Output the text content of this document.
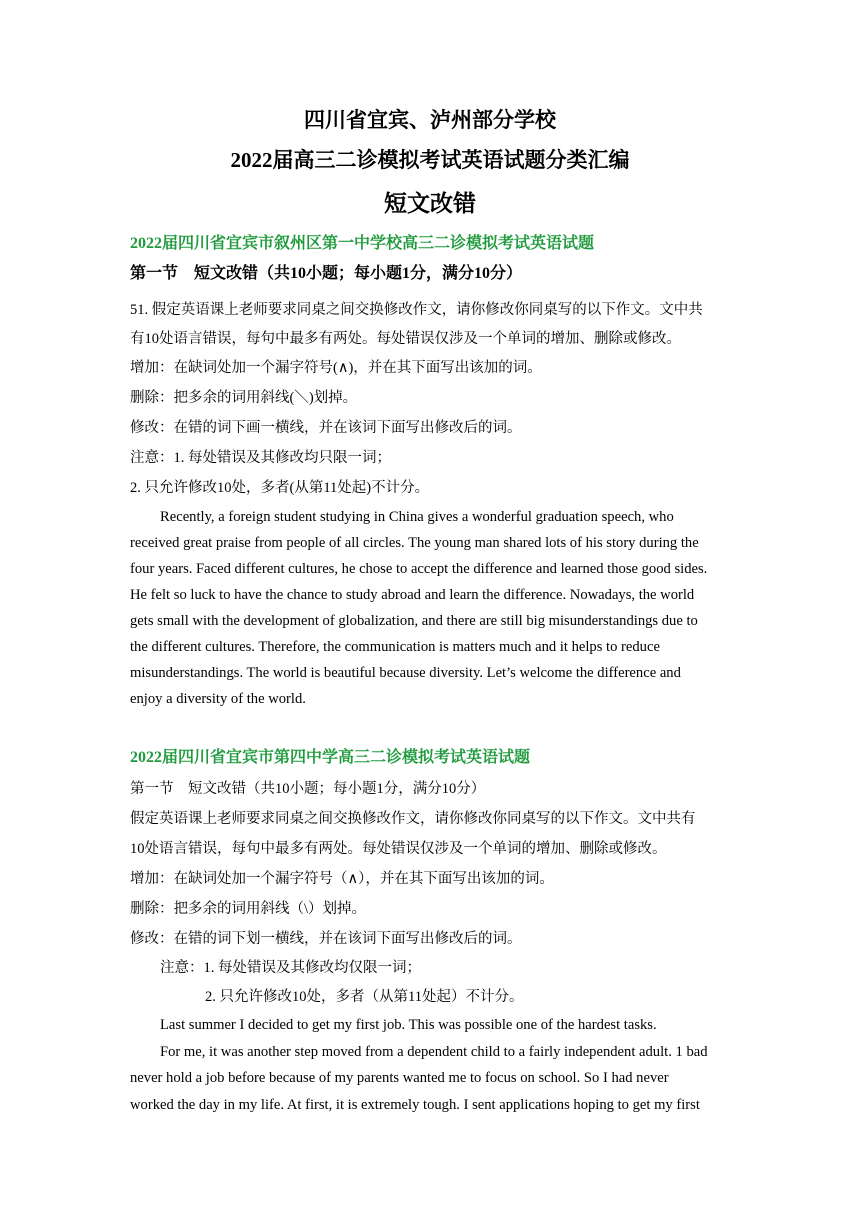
四川省宜宾、泸州部分学校
2022届高三二诊模拟考试英语试题分类汇编
短文改错
2022届四川省宜宾市叙州区第一中学校高三二诊模拟考试英语试题
第一节　短文改错（共10小题；每小题1分，满分10分）
51. 假定英语课上老师要求同桌之间交换修改作文，请你修改你同桌写的以下作文。文中共
有10处语言错误，每句中最多有两处。每处错误仅涉及一个单词的增加、删除或修改。
增加：在缺词处加一个漏字符号(∧)，并在其下面写出该加的词。
删除：把多余的词用斜线(＼)划掉。
修改：在错的词下画一横线，并在该词下面写出修改后的词。
注意：1. 每处错误及其修改均只限一词；
2. 只允许修改10处，多者(从第11处起)不计分。
Recently, a foreign student studying in China gives a wonderful graduation speech, who
received great praise from people of all circles. The young man shared lots of his story during the
four years. Faced different cultures, he chose to accept the difference and learned those good sides.
He felt so luck to have the chance to study abroad and learn the difference. Nowadays, the world
gets small with the development of globalization, and there are still big misunderstandings due to
the different cultures. Therefore, the communication is matters much and it helps to reduce
misunderstandings. The world is beautiful because diversity. Let’s welcome the difference and
enjoy a diversity of the world.
2022届四川省宜宾市第四中学高三二诊模拟考试英语试题
第一节　短文改错（共10小题；每小题1分，满分10分）
假定英语课上老师要求同桌之间交换修改作文，请你修改你同桌写的以下作文。文中共有
10处语言错误，每句中最多有两处。每处错误仅涉及一个单词的增加、删除或修改。
增加：在缺词处加一个漏字符号（∧），并在其下面写出该加的词。
删除：把多余的词用斜线（\）划掉。
修改：在错的词下划一横线，并在该词下面写出修改后的词。
注意：1. 每处错误及其修改均仅限一词；
2. 只允许修改10处，多者（从第11处起）不计分。
Last summer I decided to get my first job. This was possible one of the hardest tasks.
For me, it was another step moved from a dependent child to a fairly independent adult. 1 bad
never hold a job before because of my parents wanted me to focus on school. So I had never
worked the day in my life. At first, it is extremely tough. I sent applications hoping to get my first
